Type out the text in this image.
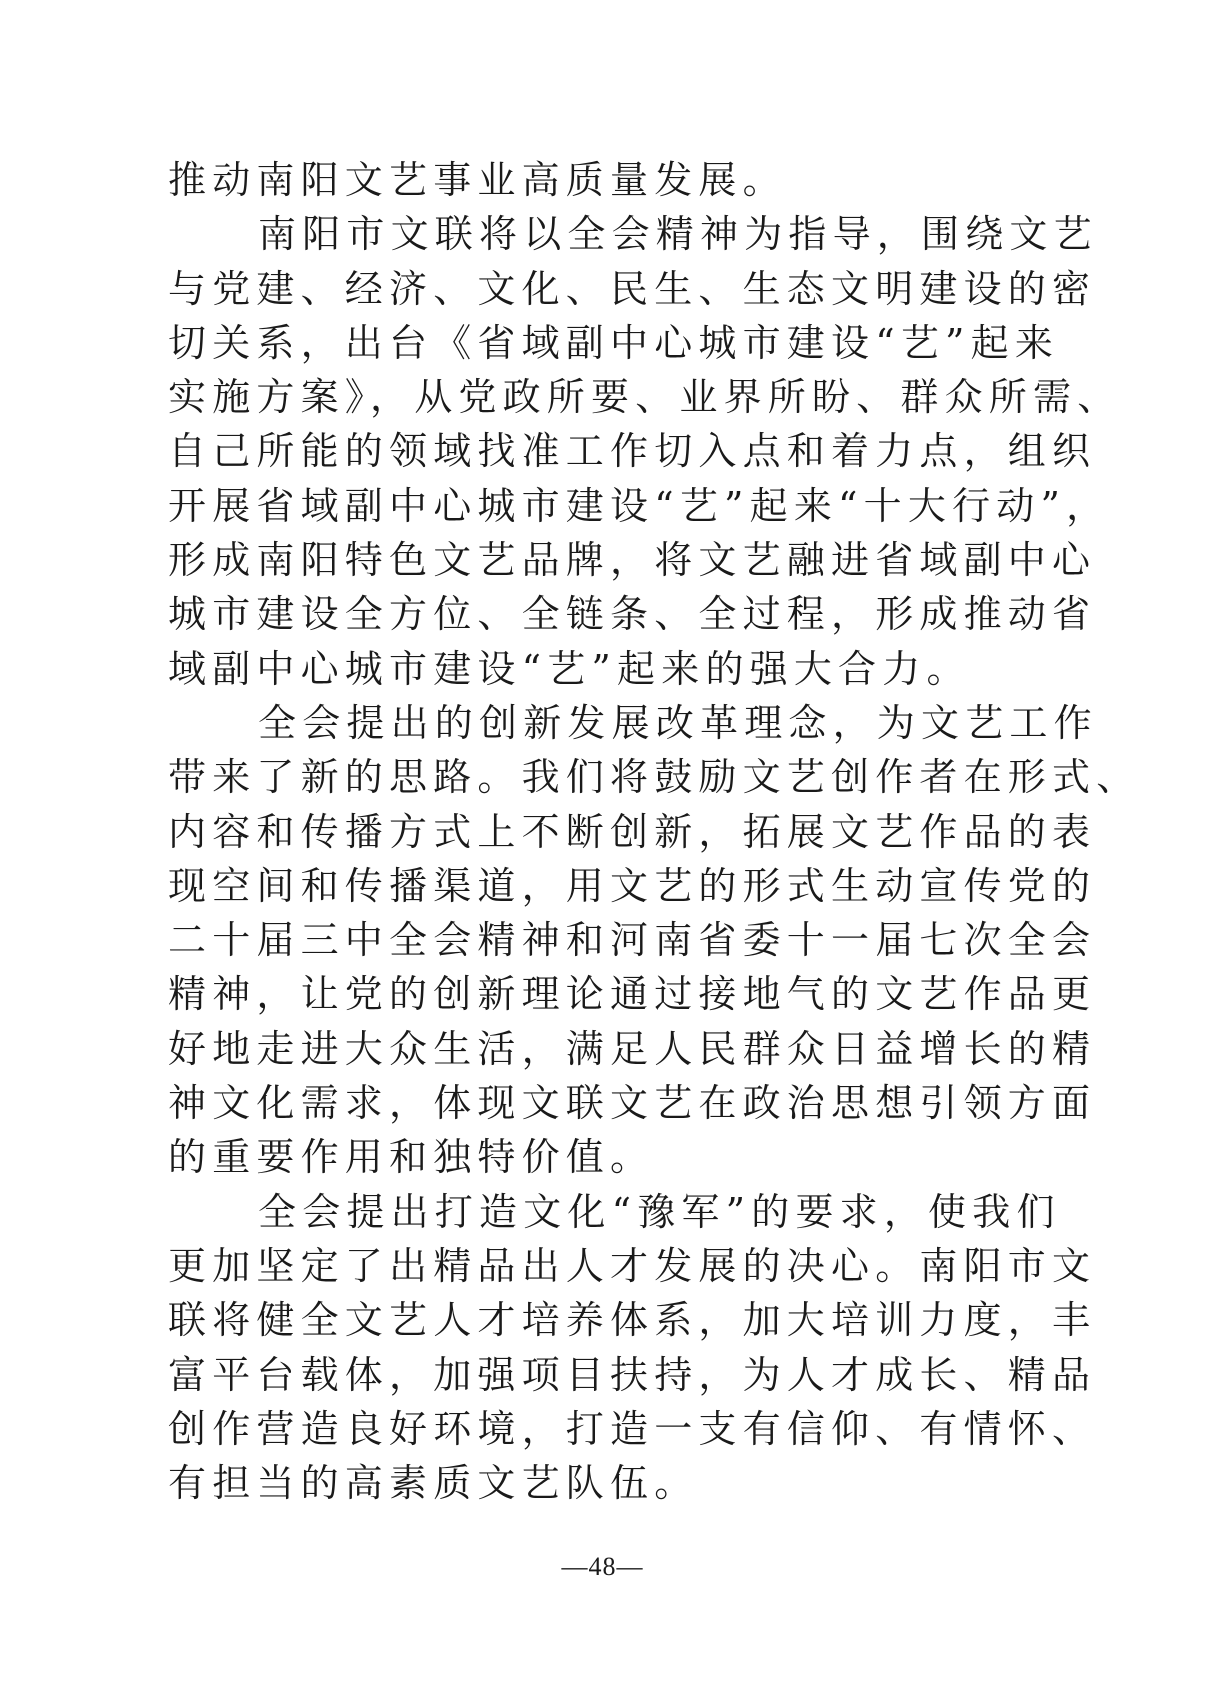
推动南阳文艺事业高质量发展。
南阳市文联将以全会精神为指导，围绕文艺
与党建、经济、文化、民生、生态文明建设的密
切关系，出台《省域副中心城市建设“艺”起来
实施方案》，从党政所要、业界所盼、群众所需、
自己所能的领域找准工作切入点和着力点，组织
开展省域副中心城市建设“艺”起来“十大行动”，
形成南阳特色文艺品牌，将文艺融进省域副中心
城市建设全方位、全链条、全过程，形成推动省
域副中心城市建设“艺”起来的强大合力。
全会提出的创新发展改革理念，为文艺工作
带来了新的思路。我们将鼓励文艺创作者在形式、
内容和传播方式上不断创新，拓展文艺作品的表
现空间和传播渠道，用文艺的形式生动宣传党的
二十届三中全会精神和河南省委十一届七次全会
精神，让党的创新理论通过接地气的文艺作品更
好地走进大众生活，满足人民群众日益增长的精
神文化需求，体现文联文艺在政治思想引领方面
的重要作用和独特价值。
全会提出打造文化“豫军”的要求，使我们
更加坚定了出精品出人才发展的决心。南阳市文
联将健全文艺人才培养体系，加大培训力度，丰
富平台载体，加强项目扶持，为人才成长、精品
创作营造良好环境，打造一支有信仰、有情怀、
有担当的高素质文艺队伍。
—48—
